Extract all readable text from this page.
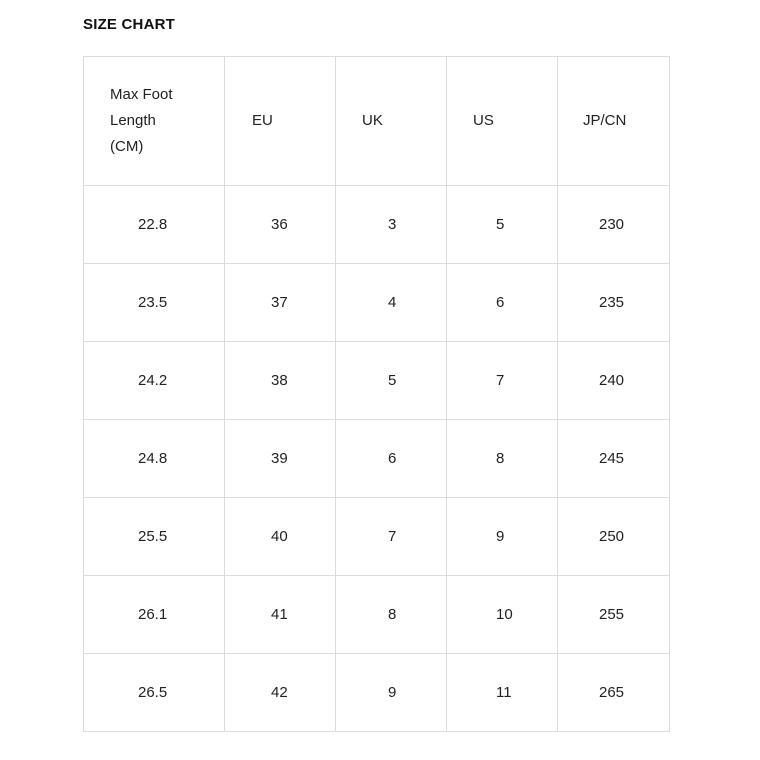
SIZE CHART
Max Foot
Length
(CM)	EU	UK	US	JP/CN
22.8	36	3	5	230
23.5	37	4	6	235
24.2	38	5	7	240
24.8	39	6	8	245
25.5	40	7	9	250
26.1	41	8	10	255
26.5	42	9	11	265
